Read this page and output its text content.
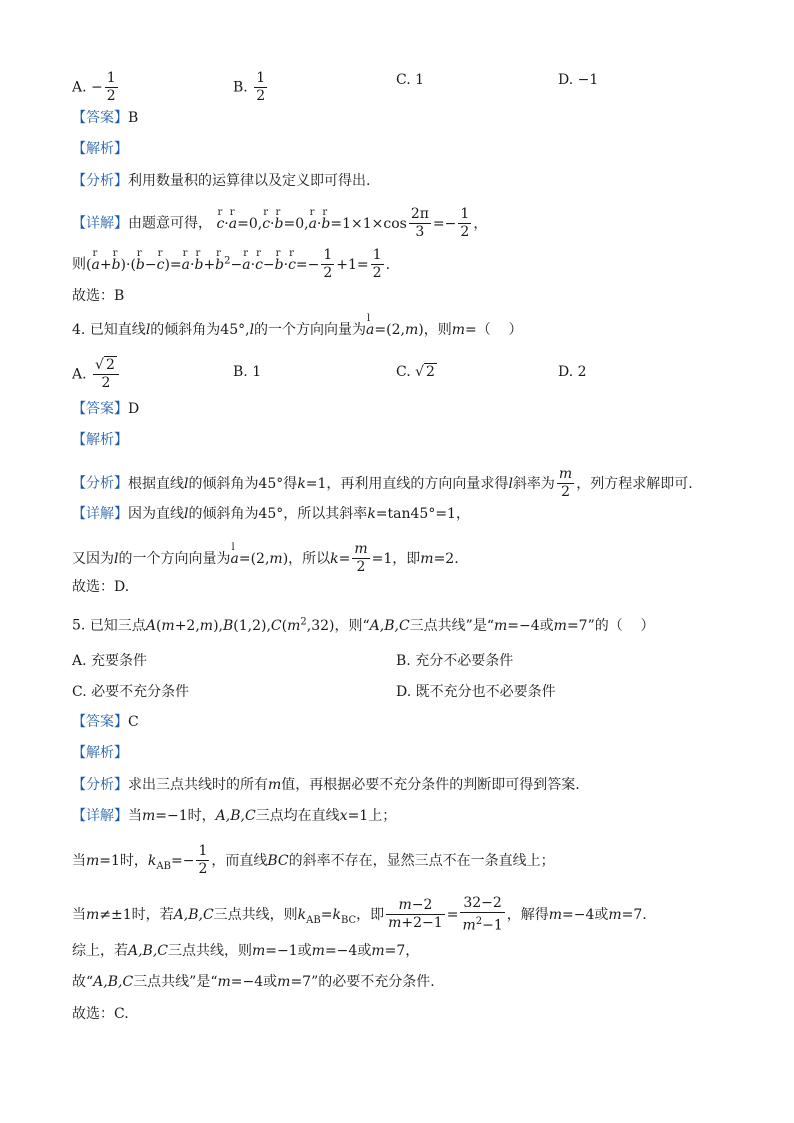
A. − $\frac{1}{2}$	B. $\frac{1}{2}$	C. 1	D. −1
【答案】B
【解析】
【分析】利用数量积的运算律以及定义即可得出.
【详解】由题意可得， r c·r a=0,r c·r b=0,r a·r $b=1\times 1\times\cos \frac{2\pi}{3} =- \frac{1}{2}$ ，
则(r a+r b)·(r b−r c)=r a·r b+r $b^2-r$ a·r c−r b·r $c=- \frac{1}{2} +1= \frac{1}{2}$ .
故选：B
4. 已知直线l的倾斜角为45°,l的一个方向向量为l a=(2,m)，则m=（    ）
A. $\frac{√ 2}{2}$	B. 1	C. √ 2	D. 2
【答案】D
【解析】
【分析】根据直线l的倾斜角为45°得k=1，再利用直线的方向向量求得l斜率为 $\frac{m}{2}$ ，列方程求解即可.
【详解】因为直线l的倾斜角为45°，所以其斜率k=tan45°=1，
又因为l的一个方向向量为l a=(2,m)，所以$k= \frac{m}{2} =1$，即m=2.
故选：D.
5. 已知三点$A(m+2,m),B(1,2),C(m^2,32)$，则“A,B,C三点共线”是“m=−4或m=7”的（    ）
A. 充要条件	B. 充分不必要条件
C. 必要不充分条件	D. 既不充分也不必要条件
【答案】C
【解析】
【分析】求出三点共线时的所有m值，再根据必要不充分条件的判断即可得到答案.
【详解】当m=−1时，A,B,C三点均在直线x=1上；
当m=1时，$k_{AB}=- \frac{1}{2}$ ，而直线BC的斜率不存在，显然三点不在一条直线上；
当m≠±1时，若A,B,C三点共线，则$k_{AB}=k_{BC}$，即 $\frac{m-2}{m+2-1} = \frac{32-2}{m^2-1}$ ，解得m=−4或m=7.
综上，若A,B,C三点共线，则m=−1或m=−4或m=7，
故“A,B,C三点共线”是“m=−4或m=7”的必要不充分条件.
故选：C.
